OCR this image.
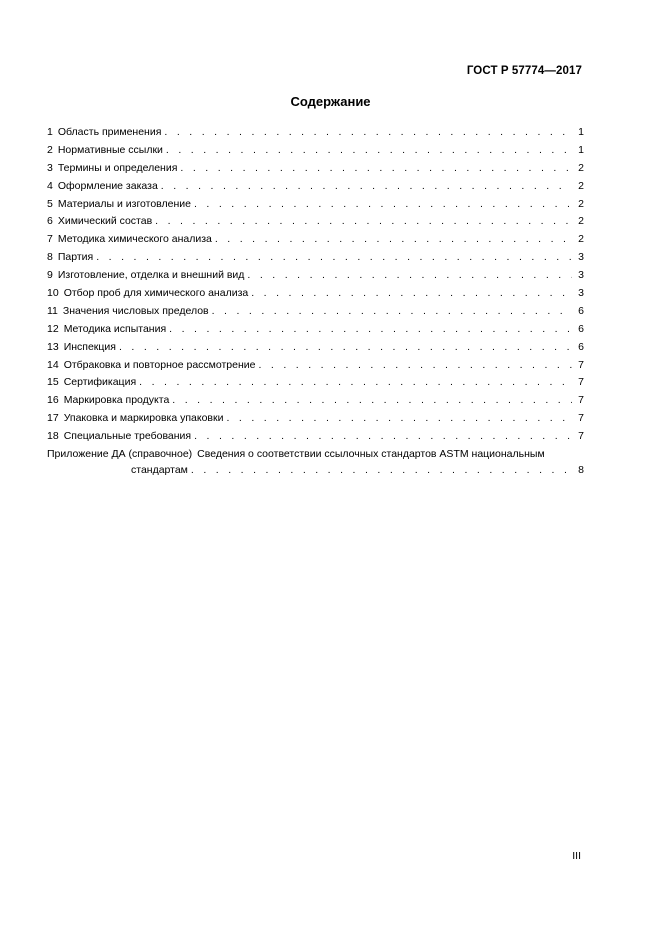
ГОСТ Р 57774—2017
Содержание
1 Область применения . . .	1
2 Нормативные ссылки . . .	1
3 Термины и определения . . .	2
4 Оформление заказа . . .	2
5 Материалы и изготовление . . .	2
6 Химический состав . . .	2
7 Методика химического анализа . . .	2
8 Партия . . .	3
9 Изготовление, отделка и внешний вид . . .	3
10 Отбор проб для химического анализа . . .	3
11 Значения числовых пределов . . .	6
12 Методика испытания . . .	6
13 Инспекция . . .	6
14 Отбраковка и повторное рассмотрение . . .	7
15 Сертификация . . .	7
16 Маркировка продукта . . .	7
17 Упаковка и маркировка упаковки . . .	7
18 Специальные требования . . .	7
Приложение ДА (справочное) Сведения о соответствии ссылочных стандартов ASTM национальным
стандартам . . .	8
III
